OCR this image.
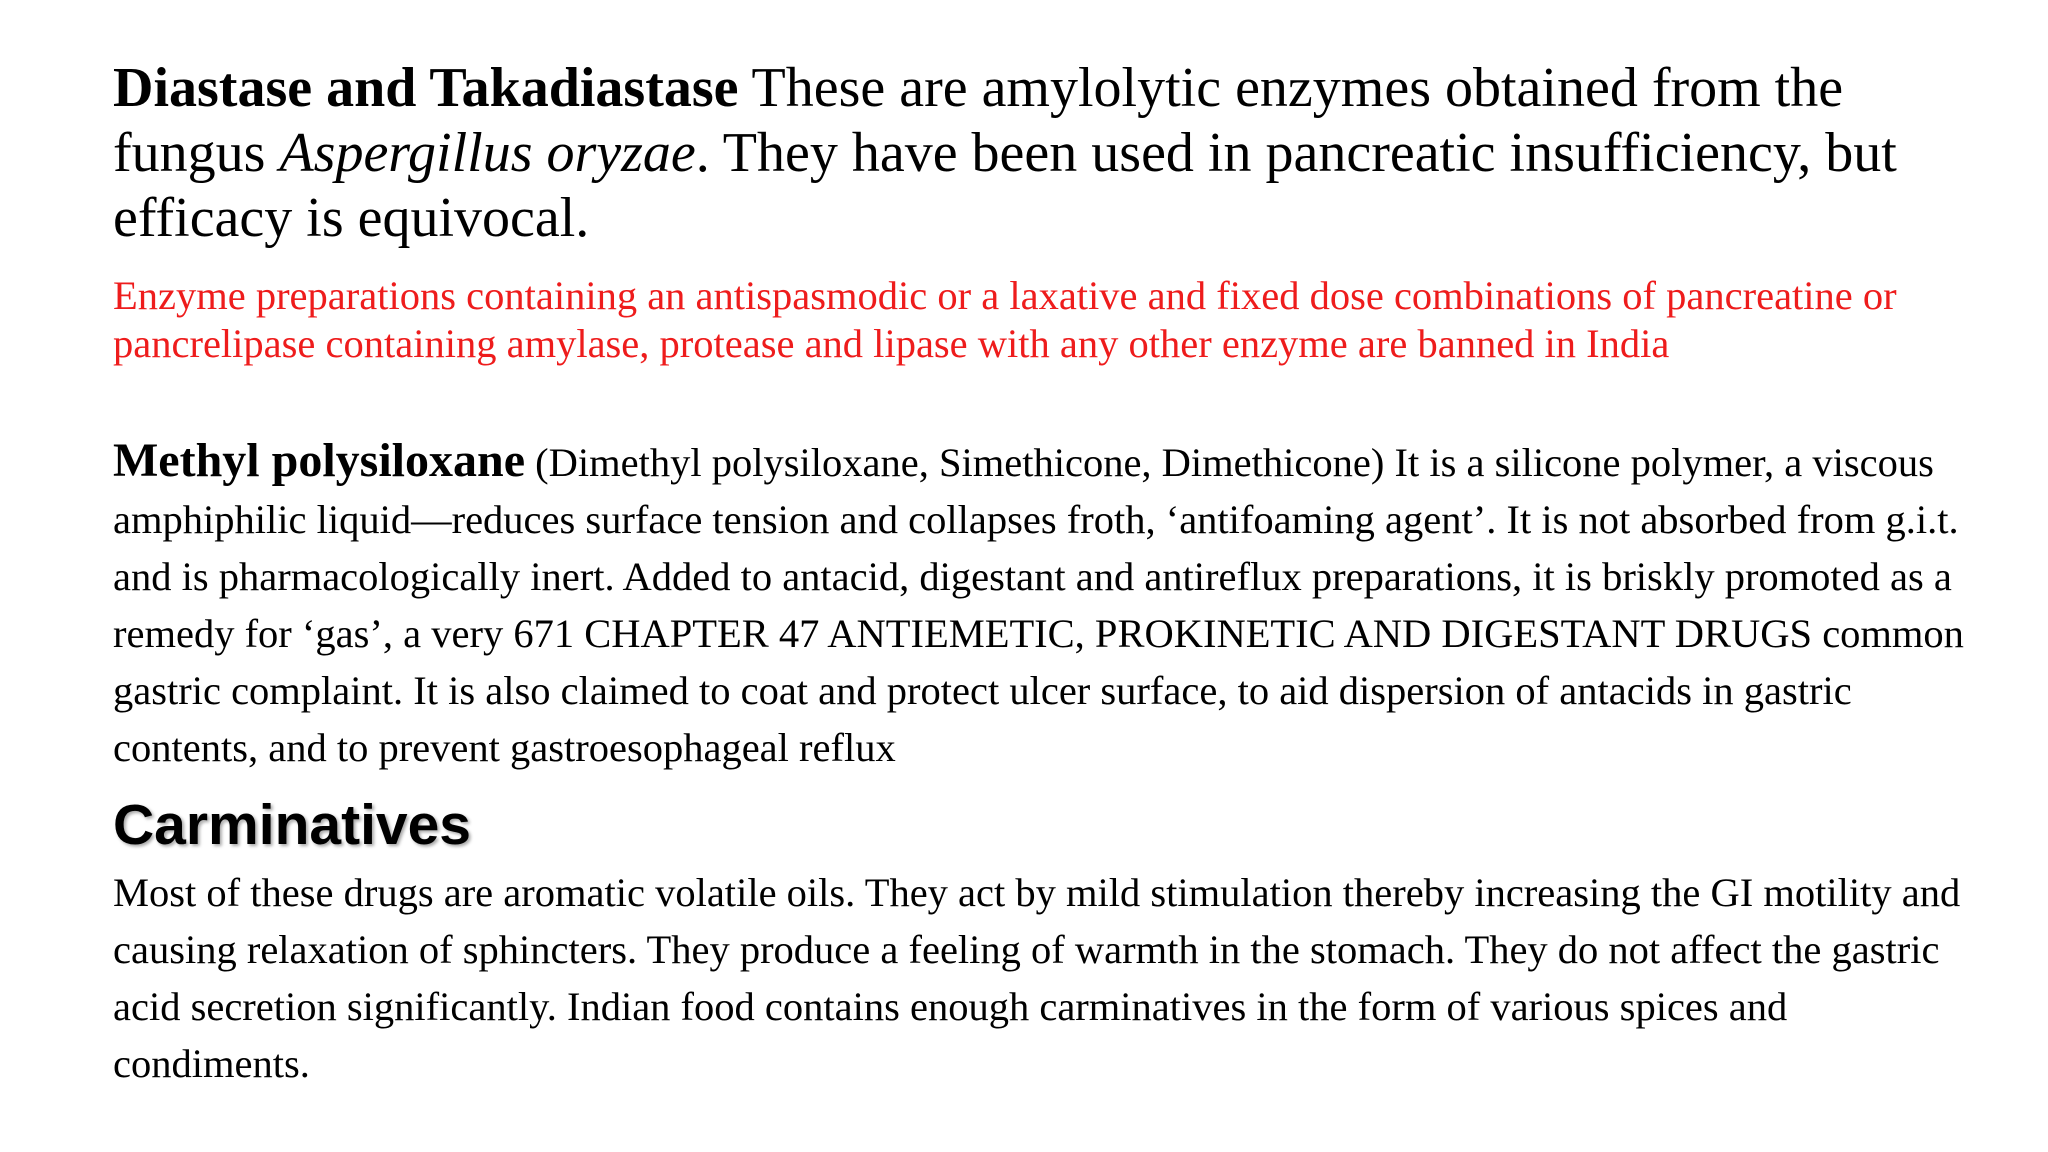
Diastase and Takadiastase These are amylolytic enzymes obtained from the fungus Aspergillus oryzae. They have been used in pancreatic insufficiency, but efficacy is equivocal.

Enzyme preparations containing an antispasmodic or a laxative and fixed dose combinations of pancreatine or pancrelipase containing amylase, protease and lipase with any other enzyme are banned in India

Methyl polysiloxane (Dimethyl polysiloxane, Simethicone, Dimethicone) It is a silicone polymer, a viscous amphiphilic liquid—reduces surface tension and collapses froth, ‘antifoaming agent’. It is not absorbed from g.i.t. and is pharmacologically inert. Added to antacid, digestant and antireflux preparations, it is briskly promoted as a remedy for ‘gas’, a very 671 CHAPTER 47 ANTIEMETIC, PROKINETIC AND DIGESTANT DRUGS common gastric complaint. It is also claimed to coat and protect ulcer surface, to aid dispersion of antacids in gastric contents, and to prevent gastroesophageal reflux

Carminatives

Most of these drugs are aromatic volatile oils. They act by mild stimulation thereby increasing the GI motility and causing relaxation of sphincters. They produce a feeling of warmth in the stomach. They do not affect the gastric acid secretion significantly. Indian food contains enough carminatives in the form of various spices and condiments.
